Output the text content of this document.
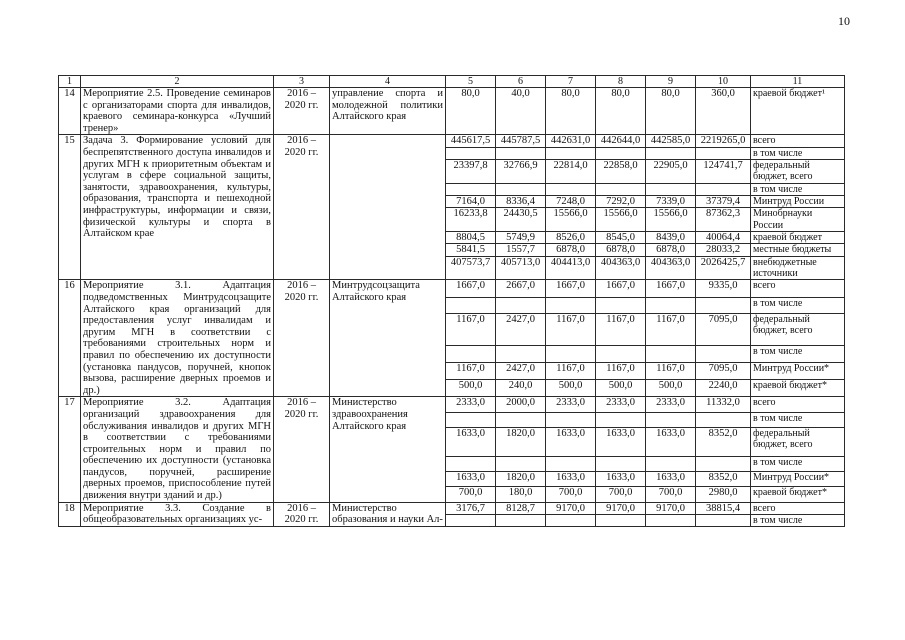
10
1	2	3	4	5	6	7	8	9	10	11
14	Мероприятие 2.5. Проведение семинаров с организаторами спорта для инвалидов, краевого семинара-конкурса «Лучший тренер»	2016 – 2020 гг.	управление спорта и молодежной политики Алтайского края	80,0	40,0	80,0	80,0	80,0	360,0	краевой бюджет¹
15	Задача 3. Формирование условий для беспрепятственного доступа инвалидов и других МГН к приоритетным объектам и услугам в сфере социальной защиты, занятости, здравоохранения, культуры, образования, транспорта и пешеходной инфраструктуры, информации и связи, физической культуры и спорта в Алтайском крае	2016 – 2020 гг.		445617,5	445787,5	442631,0	442644,0	442585,0	2219265,0	всего
										в том числе
				23397,8	32766,9	22814,0	22858,0	22905,0	124741,7	федеральный бюджет, всего
										в том числе
				7164,0	8336,4	7248,0	7292,0	7339,0	37379,4	Минтруд России
				16233,8	24430,5	15566,0	15566,0	15566,0	87362,3	Минобрнауки России
				8804,5	5749,9	8526,0	8545,0	8439,0	40064,4	краевой бюджет
				5841,5	1557,7	6878,0	6878,0	6878,0	28033,2	местные бюджеты
				407573,7	405713,0	404413,0	404363,0	404363,0	2026425,7	внебюджетные источники
16	Мероприятие 3.1. Адаптация подведомственных Минтрудсоцзащите Алтайского края организаций для предоставления услуг инвалидам и другим МГН в соответствии с требованиями строительных норм и правил по обеспечению их доступности (установка пандусов, поручней, кнопок вызова, расширение дверных проемов и др.)	2016 – 2020 гг.	Минтрудсоцзащита Алтайского края	1667,0	2667,0	1667,0	1667,0	1667,0	9335,0	всего
										в том числе
				1167,0	2427,0	1167,0	1167,0	1167,0	7095,0	федеральный бюджет, всего
										в том числе
				1167,0	2427,0	1167,0	1167,0	1167,0	7095,0	Минтруд России*
				500,0	240,0	500,0	500,0	500,0	2240,0	краевой бюджет*
17	Мероприятие 3.2. Адаптация организаций здравоохранения для обслуживания инвалидов и других МГН в соответствии с требованиями строительных норм и правил по обеспечению их доступности (установка пандусов, поручней, расширение дверных проемов, приспособление путей движения внутри зданий и др.)	2016 – 2020 гг.	Министерство здравоохранения Алтайского края	2333,0	2000,0	2333,0	2333,0	2333,0	11332,0	всего
										в том числе
				1633,0	1820,0	1633,0	1633,0	1633,0	8352,0	федеральный бюджет, всего
										в том числе
				1633,0	1820,0	1633,0	1633,0	1633,0	8352,0	Минтруд России*
				700,0	180,0	700,0	700,0	700,0	2980,0	краевой бюджет*
18	Мероприятие 3.3. Создание в общеобразовательных организациях ус-	2016 – 2020 гг.	Министерство образования и науки Ал-	3176,7	8128,7	9170,0	9170,0	9170,0	38815,4	всего
										в том числе
